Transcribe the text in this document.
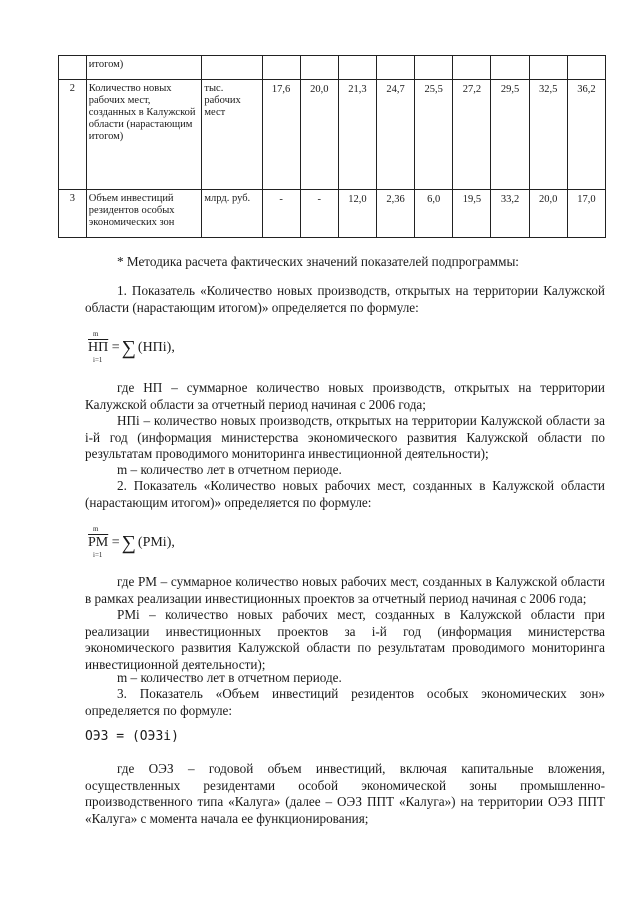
	итогом)										
2	Количество новых рабочих мест, созданных в Калужской области (нарастающим итогом)	тыс. рабочих мест	17,6	20,0	21,3	24,7	25,5	27,2	29,5	32,5	36,2
3	Объем инвестиций резидентов особых экономических зон	млрд. руб.	-	-	12,0	2,36	6,0	19,5	33,2	20,0	17,0
* Методика расчета фактических значений показателей подпрограммы:
1. Показатель «Количество новых производств, открытых на территории Калужской области (нарастающим итогом)» определяется по формуле:
НП
m
i=1

= ∑ (НПi),
где НП – суммарное количество новых производств, открытых на территории Калужской области за отчетный период начиная с 2006 года;
НПi – количество новых производств, открытых на территории Калужской области за i-й год (информация министерства экономического развития Калужской области по результатам проводимого мониторинга инвестиционной деятельности);
m – количество лет в отчетном периоде.
2. Показатель «Количество новых рабочих мест, созданных в Калужской области (нарастающим итогом)» определяется по формуле:
РМ
m
i=1

= ∑ (РМi),
где РМ – суммарное количество новых рабочих мест, созданных в Калужской области в рамках реализации инвестиционных проектов за отчетный период начиная с 2006 года;
РМi – количество новых рабочих мест, созданных в Калужской области при реализации инвестиционных проектов за i-й год (информация министерства экономического развития Калужской области по результатам проводимого мониторинга инвестиционной деятельности);
m – количество лет в отчетном периоде.
3. Показатель «Объем инвестиций резидентов особых экономических зон» определяется по формуле:
ОЭЗ = (ОЭЗi)
где ОЭЗ – годовой объем инвестиций, включая капитальные вложения, осуществленных резидентами особой экономической зоны промышленно-производственного типа «Калуга» (далее – ОЭЗ ППТ «Калуга») на территории ОЭЗ ППТ «Калуга» с момента начала ее функционирования;
